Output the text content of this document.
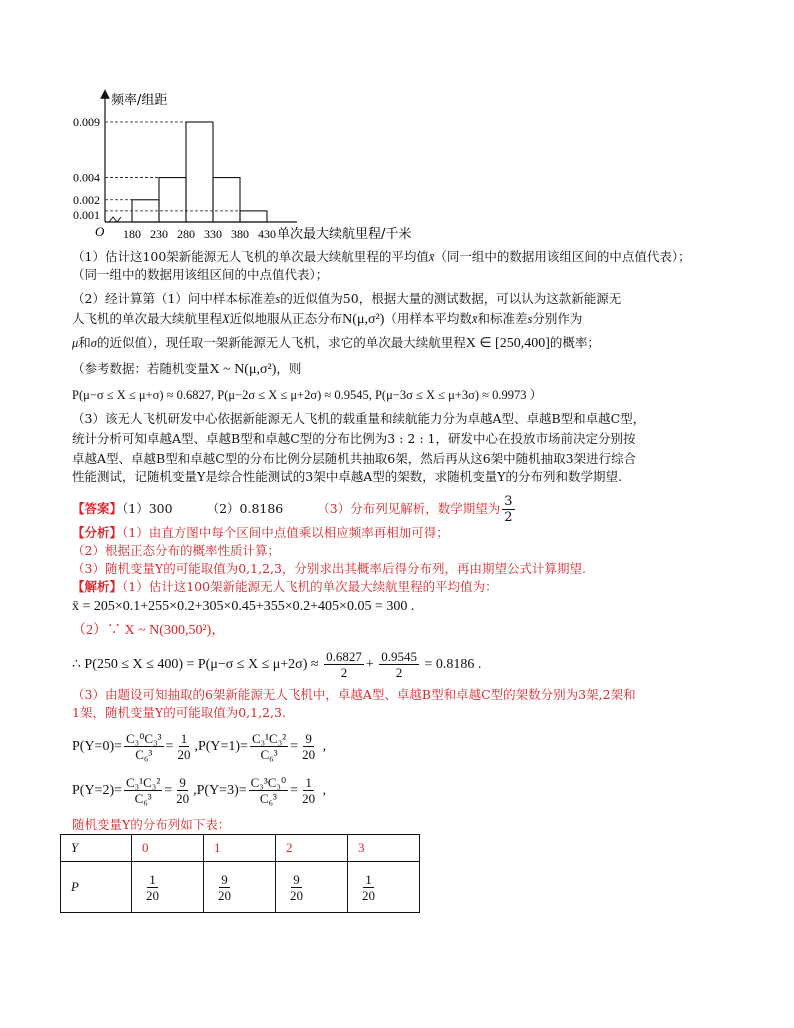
0.009
0.004
0.002
0.001
180 230 280 330 380 430
O
频率/组距
单次最大续航里程/千米
（1）估计这100架新能源无人飞机的单次最大续航里程的平均值x̄（同一组中的数据用该组区间的中点值代表）；
（同一组中的数据用该组区间的中点值代表）；
（2）经计算第（1）问中样本标准差s的近似值为50，根据大量的测试数据，可以认为这款新能源无
人飞机的单次最大续航里程X近似地服从正态分布N(μ,σ²)（用样本平均数x̄和标准差s分别作为
μ和σ的近似值），现任取一架新能源无人飞机，求它的单次最大续航里程X ∈ [250,400]的概率；
（参考数据：若随机变量X ~ N(μ,σ²)，则
P(μ−σ ≤ X ≤ μ+σ) ≈ 0.6827, P(μ−2σ ≤ X ≤ μ+2σ) ≈ 0.9545, P(μ−3σ ≤ X ≤ μ+3σ) ≈ 0.9973 ）
（3）该无人飞机研发中心依据新能源无人飞机的载重量和续航能力分为卓越A型、卓越B型和卓越C型，
统计分析可知卓越A型、卓越B型和卓越C型的分布比例为3 : 2 : 1，研发中心在投放市场前决定分别按
卓越A型、卓越B型和卓越C型的分布比例分层随机共抽取6架，然后再从这6架中随机抽取3架进行综合
性能测试，记随机变量Y是综合性能测试的3架中卓越A型的架数，求随机变量Y的分布列和数学期望.
【答案】（1）300	（2）0.8186	（3）分布列见解析，数学期望为 $\frac{3}{2}$
【分析】（1）由直方图中每个区间中点值乘以相应频率再相加可得；
（2）根据正态分布的概率性质计算；
（3）随机变量Y的可能取值为0,1,2,3，分别求出其概率后得分布列，再由期望公式计算期望.
【解析】（1）估计这100架新能源无人飞机的单次最大续航里程的平均值为：
x̄ = 205×0.1+255×0.2+305×0.45+355×0.2+405×0.05 = 300 .
（2）∵ X ~ N(300,50²)，
∴ $P(250 \le X \le 400) = P(\mu-\sigma \le X \le \mu+2\sigma) \approx \frac{0.6827}{2} + \frac{0.9545}{2} = 0.8186$ .
（3）由题设可知抽取的6架新能源无人飞机中，卓越A型、卓越B型和卓越C型的架数分别为3架,2架和
1架，随机变量Y的可能取值为0,1,2,3.
$P(Y=0)= \frac{\text{C₃⁰C₃³}}{\text{C₆³}} = \frac{1}{20} ,P(Y=1)= \frac{\text{C₃¹C₃²}}{\text{C₆³}} = \frac{9}{20}$ ,
$P(Y=2)= \frac{\text{C₃¹C₃²}}{\text{C₆³}} = \frac{9}{20} ,P(Y=3)= \frac{\text{C₃³C₃⁰}}{\text{C₆³}} = \frac{1}{20}$ ,
随机变量Y的分布列如下表：
Y	0	1	2	3
P	$\frac{1}{20}$	$\frac{9}{20}$	$\frac{9}{20}$	$\frac{1}{20}$
